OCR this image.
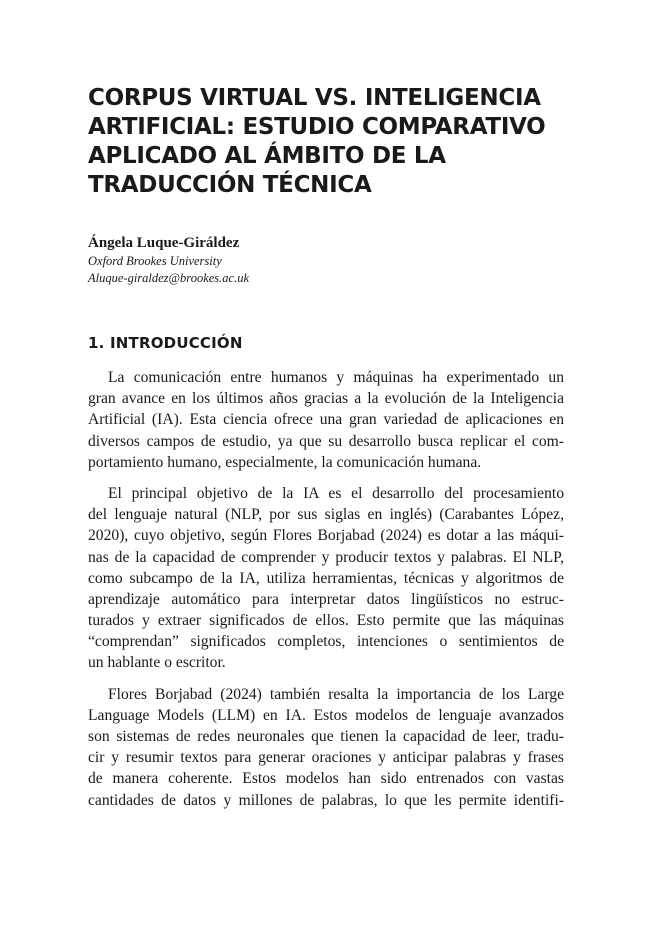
CORPUS VIRTUAL VS. INTELIGENCIA
ARTIFICIAL: ESTUDIO COMPARATIVO
APLICADO AL ÁMBITO DE LA
TRADUCCIÓN TÉCNICA
Ángela Luque-Giráldez
Oxford Brookes University
Aluque-giraldez@brookes.ac.uk
1. INTRODUCCIÓN
La comunicación entre humanos y máquinas ha experimentado un
gran avance en los últimos años gracias a la evolución de la Inteligencia
Artificial (IA). Esta ciencia ofrece una gran variedad de aplicaciones en
diversos campos de estudio, ya que su desarrollo busca replicar el com-
portamiento humano, especialmente, la comunicación humana.
El principal objetivo de la IA es el desarrollo del procesamiento
del lenguaje natural (NLP, por sus siglas en inglés) (Carabantes López,
2020), cuyo objetivo, según Flores Borjabad (2024) es dotar a las máqui-
nas de la capacidad de comprender y producir textos y palabras. El NLP,
como subcampo de la IA, utiliza herramientas, técnicas y algoritmos de
aprendizaje automático para interpretar datos lingüísticos no estruc-
turados y extraer significados de ellos. Esto permite que las máquinas
“comprendan” significados completos, intenciones o sentimientos de
un hablante o escritor.
Flores Borjabad (2024) también resalta la importancia de los Large
Language Models (LLM) en IA. Estos modelos de lenguaje avanzados
son sistemas de redes neuronales que tienen la capacidad de leer, tradu-
cir y resumir textos para generar oraciones y anticipar palabras y frases
de manera coherente. Estos modelos han sido entrenados con vastas
cantidades de datos y millones de palabras, lo que les permite identifi-
